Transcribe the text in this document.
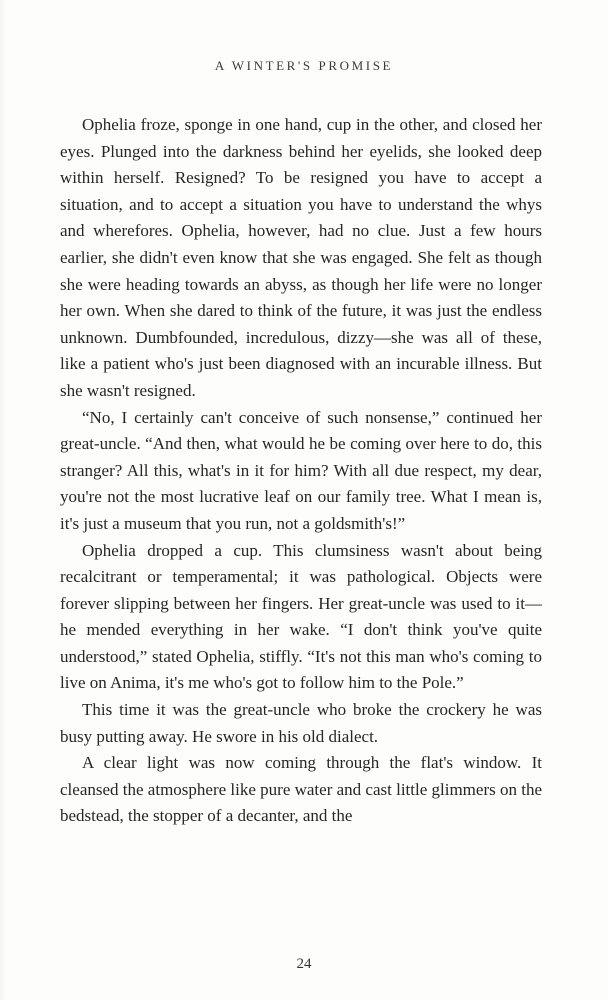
A WINTER'S PROMISE

Ophelia froze, sponge in one hand, cup in the other, and closed her eyes. Plunged into the darkness behind her eyelids, she looked deep within herself. Resigned? To be resigned you have to accept a situation, and to accept a situation you have to understand the whys and wherefores. Ophelia, however, had no clue. Just a few hours earlier, she didn't even know that she was engaged. She felt as though she were heading towards an abyss, as though her life were no longer her own. When she dared to think of the future, it was just the endless unknown. Dumbfounded, incredulous, dizzy—she was all of these, like a patient who's just been diagnosed with an incurable illness. But she wasn't resigned.

“No, I certainly can't conceive of such nonsense,” continued her great-uncle. “And then, what would he be coming over here to do, this stranger? All this, what's in it for him? With all due respect, my dear, you're not the most lucrative leaf on our family tree. What I mean is, it's just a museum that you run, not a goldsmith's!”

Ophelia dropped a cup. This clumsiness wasn't about being recalcitrant or temperamental; it was pathological. Objects were forever slipping between her fingers. Her great-uncle was used to it—he mended everything in her wake. “I don't think you've quite understood,” stated Ophelia, stiffly. “It's not this man who's coming to live on Anima, it's me who's got to follow him to the Pole.”

This time it was the great-uncle who broke the crockery he was busy putting away. He swore in his old dialect.

A clear light was now coming through the flat's window. It cleansed the atmosphere like pure water and cast little glimmers on the bedstead, the stopper of a decanter, and the

24
